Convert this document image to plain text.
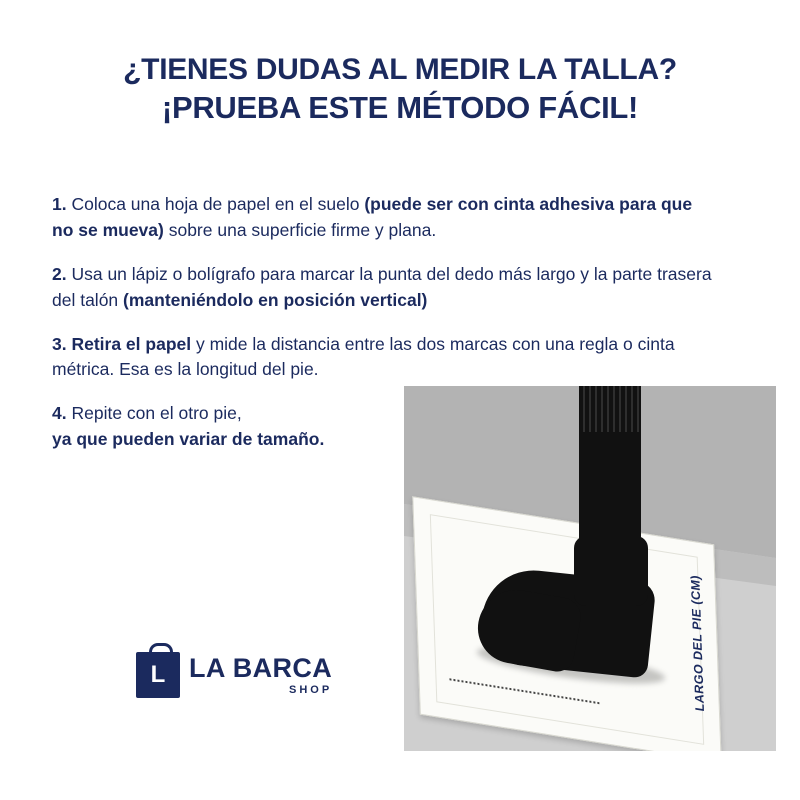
¿TIENES DUDAS AL MEDIR LA TALLA?

¡PRUEBA ESTE MÉTODO FÁCIL!

1. Coloca una hoja de papel en el suelo (puede ser con cinta adhesiva para que no se mueva) sobre una superficie firme y plana.
2. Usa un lápiz o bolígrafo para marcar la punta del dedo más largo y la parte trasera del talón (manteniéndolo en posición vertical)
3. Retira el papel y mide la distancia entre las dos marcas con una regla o cinta métrica. Esa es la longitud del pie.
4. Repite con el otro pie,
ya que pueden variar de tamaño.
LARGO DEL PIE (CM)
L LA BARCA
SHOP
